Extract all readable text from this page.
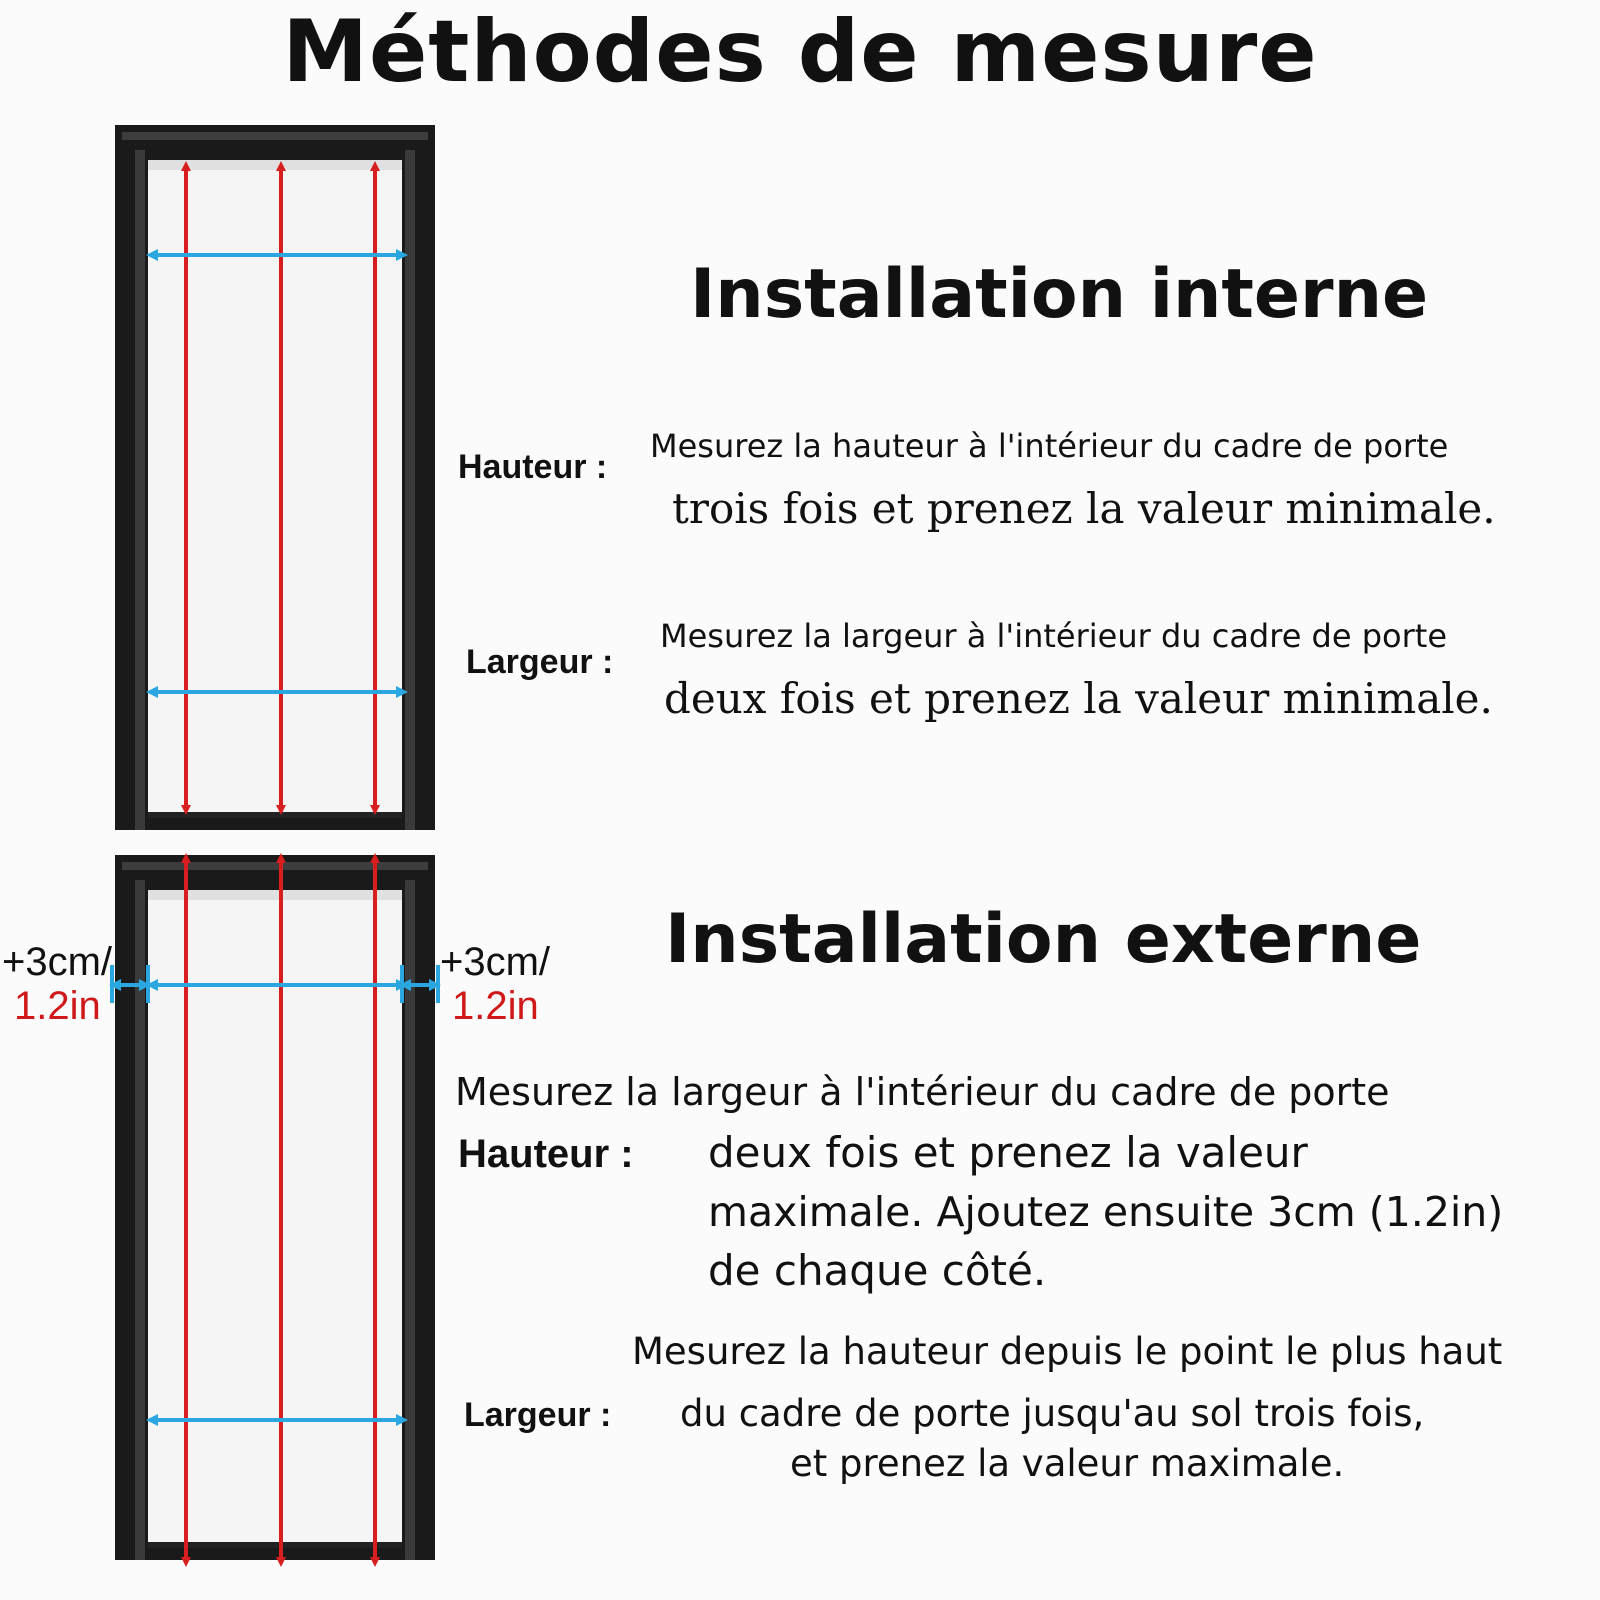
Méthodes de mesure
+3cm/
1.2in
+3cm/
1.2in
Installation interne
Hauteur :
Mesurez la hauteur à l'intérieur du cadre de porte
trois fois et prenez la valeur minimale.
Largeur :
Mesurez la largeur à l'intérieur du cadre de porte
deux fois et prenez la valeur minimale.
Installation externe
Mesurez la largeur à l'intérieur du cadre de porte
Hauteur : deux fois et prenez la valeur
maximale. Ajoutez ensuite 3cm (1.2in)
de chaque côté.
Largeur :
Mesurez la hauteur depuis le point le plus haut
du cadre de porte jusqu'au sol trois fois,
et prenez la valeur maximale.
